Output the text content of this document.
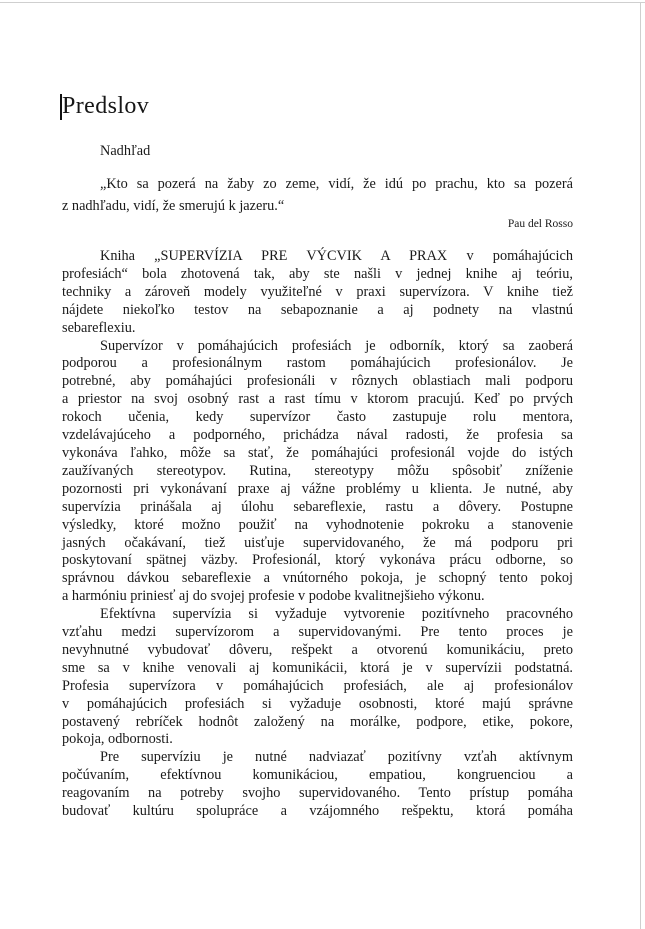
Predslov
Nadhľad
„Kto sa pozerá na žaby zo zeme, vidí, že idú po prachu, kto sa pozerá
z nadhľadu, vidí, že smerujú k jazeru.“
Pau del Rosso
Kniha „SUPERVÍZIA PRE VÝCVIK A PRAX v pomáhajúcich
profesiách“ bola zhotovená tak, aby ste našli v jednej knihe aj teóriu,
techniky a zároveň modely využiteľné v praxi supervízora. V knihe tiež
nájdete niekoľko testov na sebapoznanie a aj podnety na vlastnú
sebareflexiu.
Supervízor v pomáhajúcich profesiách je odborník, ktorý sa zaoberá
podporou a profesionálnym rastom pomáhajúcich profesionálov. Je
potrebné, aby pomáhajúci profesionáli v rôznych oblastiach mali podporu
a priestor na svoj osobný rast a rast tímu v ktorom pracujú. Keď po prvých
rokoch učenia, kedy supervízor často zastupuje rolu mentora,
vzdelávajúceho a podporného, prichádza nával radosti, že profesia sa
vykonáva ľahko, môže sa stať, že pomáhajúci profesionál vojde do istých
zaužívaných stereotypov. Rutina, stereotypy môžu spôsobiť zníženie
pozornosti pri vykonávaní praxe aj vážne problémy u klienta. Je nutné, aby
supervízia prinášala aj úlohu sebareflexie, rastu a dôvery. Postupne
výsledky, ktoré možno použiť na vyhodnotenie pokroku a stanovenie
jasných očakávaní, tiež uisťuje supervidovaného, že má podporu pri
poskytovaní spätnej väzby. Profesionál, ktorý vykonáva prácu odborne, so
správnou dávkou sebareflexie a vnútorného pokoja, je schopný tento pokoj
a harmóniu priniesť aj do svojej profesie v podobe kvalitnejšieho výkonu.
Efektívna supervízia si vyžaduje vytvorenie pozitívneho pracovného
vzťahu medzi supervízorom a supervidovanými. Pre tento proces je
nevyhnutné vybudovať dôveru, rešpekt a otvorenú komunikáciu, preto
sme sa v knihe venovali aj komunikácii, ktorá je v supervízii podstatná.
Profesia supervízora v pomáhajúcich profesiách, ale aj profesionálov
v pomáhajúcich profesiách si vyžaduje osobnosti, ktoré majú správne
postavený rebríček hodnôt založený na morálke, podpore, etike, pokore,
pokoja, odbornosti.
Pre supervíziu je nutné nadviazať pozitívny vzťah aktívnym
počúvaním, efektívnou komunikáciou, empatiou, kongruenciou a
reagovaním na potreby svojho supervidovaného. Tento prístup pomáha
budovať kultúru spolupráce a vzájomného rešpektu, ktorá pomáha
